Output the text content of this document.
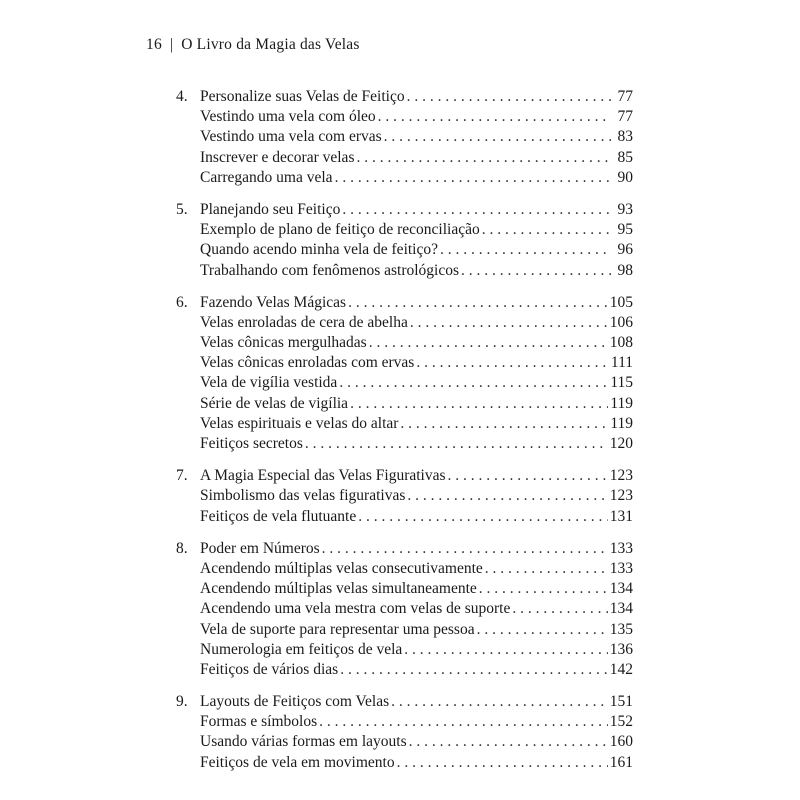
16 | O Livro da Magia das Velas
4. Personalize suas Velas de Feitiço . . .	77
Vestindo uma vela com óleo . . .	77
Vestindo uma vela com ervas . . .	83
Inscrever e decorar velas . . .	85
Carregando uma vela . . .	90
5. Planejando seu Feitiço . . .	93
Exemplo de plano de feitiço de reconciliação . . .	95
Quando acendo minha vela de feitiço? . . .	96
Trabalhando com fenômenos astrológicos . . .	98
6. Fazendo Velas Mágicas . . .	105
Velas enroladas de cera de abelha . . .	106
Velas cônicas mergulhadas . . .	108
Velas cônicas enroladas com ervas . . .	111
Vela de vigília vestida . . .	115
Série de velas de vigília . . .	119
Velas espirituais e velas do altar . . .	119
Feitiços secretos . . .	120
7. A Magia Especial das Velas Figurativas . . .	123
Simbolismo das velas figurativas . . .	123
Feitiços de vela flutuante . . .	131
8. Poder em Números . . .	133
Acendendo múltiplas velas consecutivamente . . .	133
Acendendo múltiplas velas simultaneamente . . .	134
Acendendo uma vela mestra com velas de suporte . . .	134
Vela de suporte para representar uma pessoa . . .	135
Numerologia em feitiços de vela . . .	136
Feitiços de vários dias . . .	142
9. Layouts de Feitiços com Velas . . .	151
Formas e símbolos . . .	152
Usando várias formas em layouts . . .	160
Feitiços de vela em movimento . . .	161
